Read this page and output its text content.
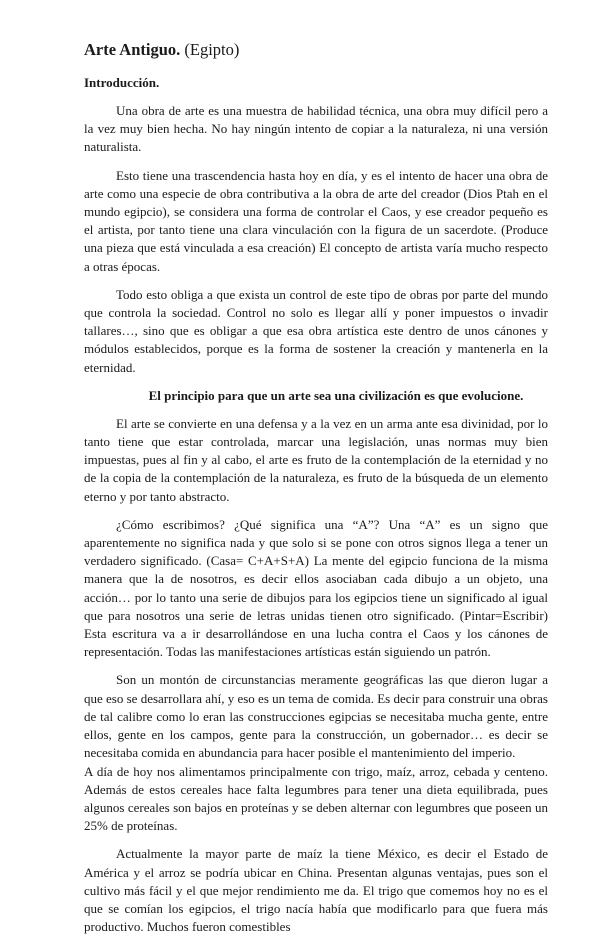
Arte Antiguo. (Egipto)
Introducción.

Una obra de arte es una muestra de habilidad técnica, una obra muy difícil pero a la vez muy bien hecha. No hay ningún intento de copiar a la naturaleza, ni una versión naturalista.

Esto tiene una trascendencia hasta hoy en día, y es el intento de hacer una obra de arte como una especie de obra contributiva a la obra de arte del creador (Dios Ptah en el mundo egipcio), se considera una forma de controlar el Caos, y ese creador pequeño es el artista, por tanto tiene una clara vinculación con la figura de un sacerdote. (Produce una pieza que está vinculada a esa creación) El concepto de artista varía mucho respecto a otras épocas.

Todo esto obliga a que exista un control de este tipo de obras por parte del mundo que controla la sociedad. Control no solo es llegar allí y poner impuestos o invadir tallares…, sino que es obligar a que esa obra artística este dentro de unos cánones y módulos establecidos, porque es la forma de sostener la creación y mantenerla en la eternidad.

El principio para que un arte sea una civilización es que evolucione.

El arte se convierte en una defensa y a la vez en un arma ante esa divinidad, por lo tanto tiene que estar controlada, marcar una legislación, unas normas muy bien impuestas, pues al fin y al cabo, el arte es fruto de la contemplación de la eternidad y no de la copia de la contemplación de la naturaleza, es fruto de la búsqueda de un elemento eterno y por tanto abstracto.

¿Cómo escribimos? ¿Qué significa una “A”? Una “A” es un signo que aparentemente no significa nada y que solo si se pone con otros signos llega a tener un verdadero significado. (Casa= C+A+S+A) La mente del egipcio funciona de la misma manera que la de nosotros, es decir ellos asociaban cada dibujo a un objeto, una acción… por lo tanto una serie de dibujos para los egipcios tiene un significado al igual que para nosotros una serie de letras unidas tienen otro significado. (Pintar=Escribir) Esta escritura va a ir desarrollándose en una lucha contra el Caos y los cánones de representación. Todas las manifestaciones artísticas están siguiendo un patrón.

Son un montón de circunstancias meramente geográficas las que dieron lugar a que eso se desarrollara ahí, y eso es un tema de comida. Es decir para construir una obras de tal calibre como lo eran las construcciones egipcias se necesitaba mucha gente, entre ellos, gente en los campos, gente para la construcción, un gobernador… es decir se necesitaba comida en abundancia para hacer posible el mantenimiento del imperio.

A día de hoy nos alimentamos principalmente con trigo, maíz, arroz, cebada y centeno. Además de estos cereales hace falta legumbres para tener una dieta equilibrada, pues algunos cereales son bajos en proteínas y se deben alternar con legumbres que poseen un 25% de proteínas.

Actualmente la mayor parte de maíz la tiene México, es decir el Estado de América y el arroz se podría ubicar en China. Presentan algunas ventajas, pues son el cultivo más fácil y el que mejor rendimiento me da. El trigo que comemos hoy no es el que se comían los egipcios, el trigo nacía había que modificarlo para que fuera más productivo. Muchos fueron comestibles
